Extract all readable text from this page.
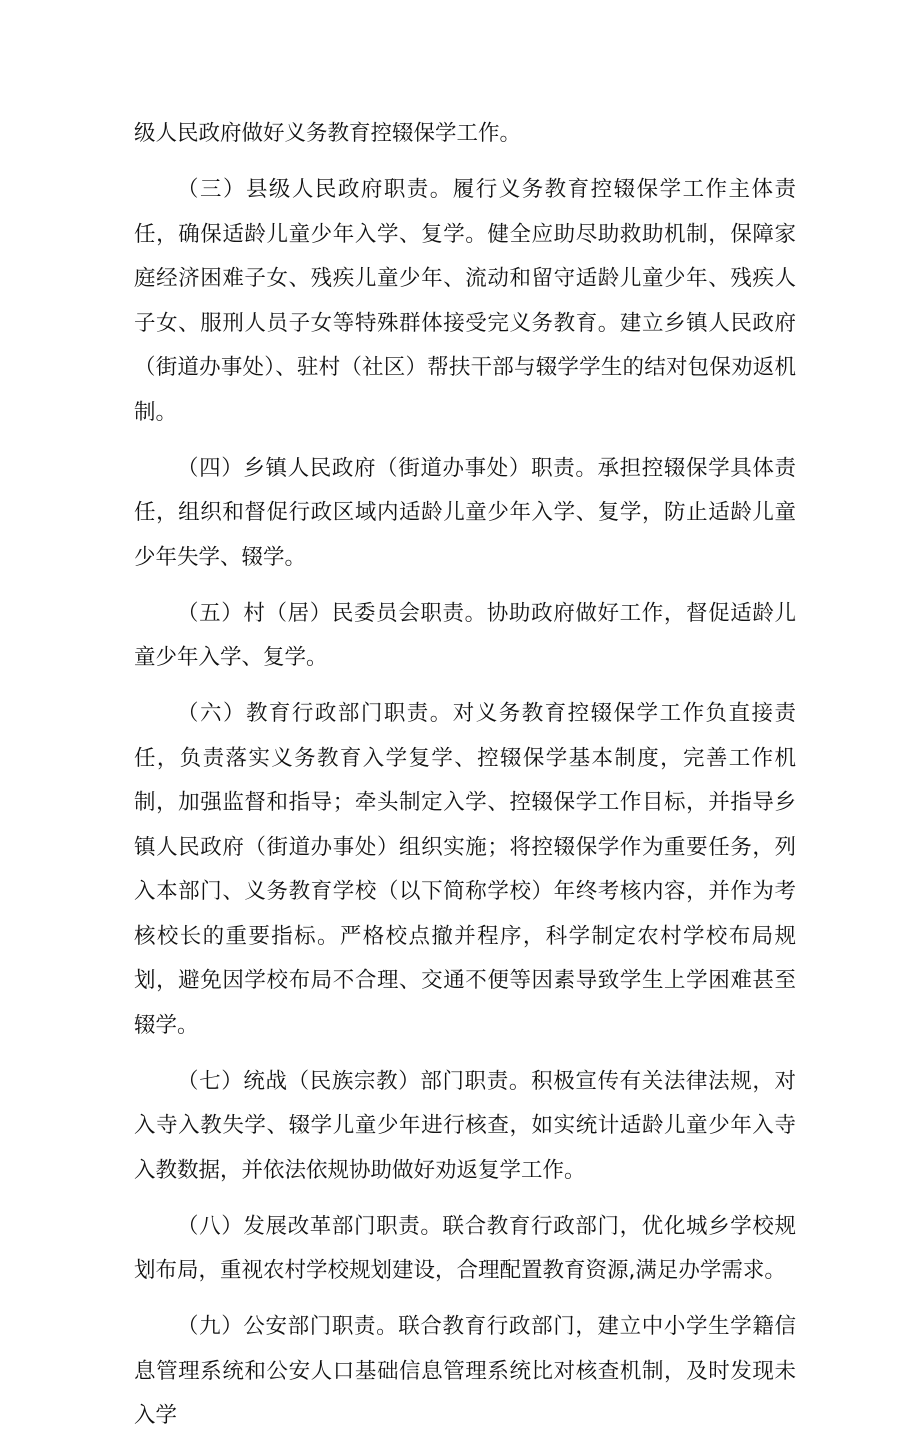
级人民政府做好义务教育控辍保学工作。

（三）县级人民政府职责。履行义务教育控辍保学工作主体责任，确保适龄儿童少年入学、复学。健全应助尽助救助机制，保障家庭经济困难子女、残疾儿童少年、流动和留守适龄儿童少年、残疾人子女、服刑人员子女等特殊群体接受完义务教育。建立乡镇人民政府（街道办事处）、驻村（社区）帮扶干部与辍学学生的结对包保劝返机制。

（四）乡镇人民政府（街道办事处）职责。承担控辍保学具体责任，组织和督促行政区域内适龄儿童少年入学、复学，防止适龄儿童少年失学、辍学。

（五）村（居）民委员会职责。协助政府做好工作，督促适龄儿童少年入学、复学。

（六）教育行政部门职责。对义务教育控辍保学工作负直接责任，负责落实义务教育入学复学、控辍保学基本制度，完善工作机制，加强监督和指导；牵头制定入学、控辍保学工作目标，并指导乡镇人民政府（街道办事处）组织实施；将控辍保学作为重要任务，列入本部门、义务教育学校（以下简称学校）年终考核内容，并作为考核校长的重要指标。严格校点撤并程序，科学制定农村学校布局规划，避免因学校布局不合理、交通不便等因素导致学生上学困难甚至辍学。

（七）统战（民族宗教）部门职责。积极宣传有关法律法规，对入寺入教失学、辍学儿童少年进行核查，如实统计适龄儿童少年入寺入教数据，并依法依规协助做好劝返复学工作。

（八）发展改革部门职责。联合教育行政部门，优化城乡学校规划布局，重视农村学校规划建设，合理配置教育资源,满足办学需求。

（九）公安部门职责。联合教育行政部门，建立中小学生学籍信息管理系统和公安人口基础信息管理系统比对核查机制，及时发现未入学
